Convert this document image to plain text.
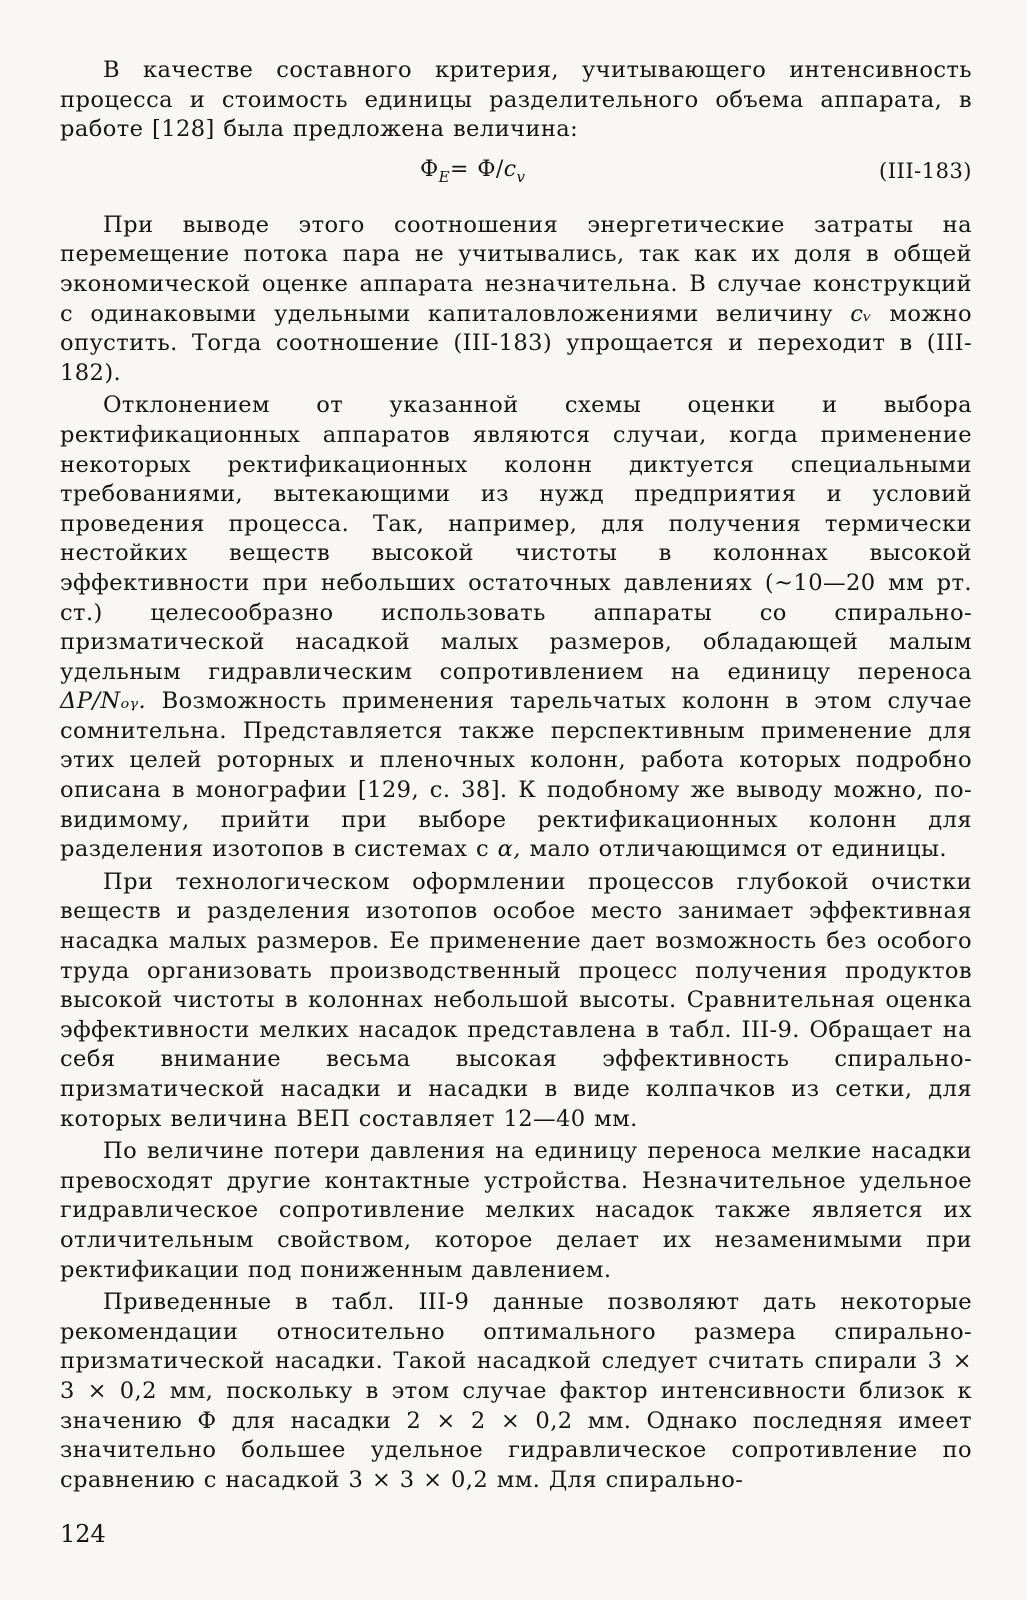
В качестве составного критерия, учитывающего интенсивность процесса и стоимость единицы разделительного объема аппарата, в работе [128] была предложена величина:

$Ф_E= Ф/c_v$	(III-183)

При выводе этого соотношения энергетические затраты на перемещение потока пара не учитывались, так как их доля в общей экономической оценке аппарата незначительна. В случае конструкций с одинаковыми удельными капиталовложениями величину cᵥ можно опустить. Тогда соотношение (III-183) упрощается и переходит в (III-182).

Отклонением от указанной схемы оценки и выбора ректификационных аппаратов являются случаи, когда применение некоторых ректификационных колонн диктуется специальными требованиями, вытекающими из нужд предприятия и условий проведения процесса. Так, например, для получения термически нестойких веществ высокой чистоты в колоннах высокой эффективности при небольших остаточных давлениях (~10—20 мм рт. ст.) целесообразно использовать аппараты со спирально-призматической насадкой малых размеров, обладающей малым удельным гидравлическим сопротивлением на единицу переноса ΔP/Nₒᵧ. Возможность применения тарельчатых колонн в этом случае сомнительна. Представляется также перспективным применение для этих целей роторных и пленочных колонн, работа которых подробно описана в монографии [129, с. 38]. К подобному же выводу можно, по-видимому, прийти при выборе ректификационных колонн для разделения изотопов в системах с α, мало отличающимся от единицы.

При технологическом оформлении процессов глубокой очистки веществ и разделения изотопов особое место занимает эффективная насадка малых размеров. Ее применение дает возможность без особого труда организовать производственный процесс получения продуктов высокой чистоты в колоннах небольшой высоты. Сравнительная оценка эффективности мелких насадок представлена в табл. III-9. Обращает на себя внимание весьма высокая эффективность спирально-призматической насадки и насадки в виде колпачков из сетки, для которых величина ВЕП составляет 12—40 мм.

По величине потери давления на единицу переноса мелкие насадки превосходят другие контактные устройства. Незначительное удельное гидравлическое сопротивление мелких насадок также является их отличительным свойством, которое делает их незаменимыми при ректификации под пониженным давлением.

Приведенные в табл. III-9 данные позволяют дать некоторые рекомендации относительно оптимального размера спирально-призматической насадки. Такой насадкой следует считать спирали 3 × 3 × 0,2 мм, поскольку в этом случае фактор интенсивности близок к значению Ф для насадки 2 × 2 × 0,2 мм. Однако последняя имеет значительно большее удельное гидравлическое сопротивление по сравнению с насадкой 3 × 3 × 0,2 мм. Для спирально-

124
